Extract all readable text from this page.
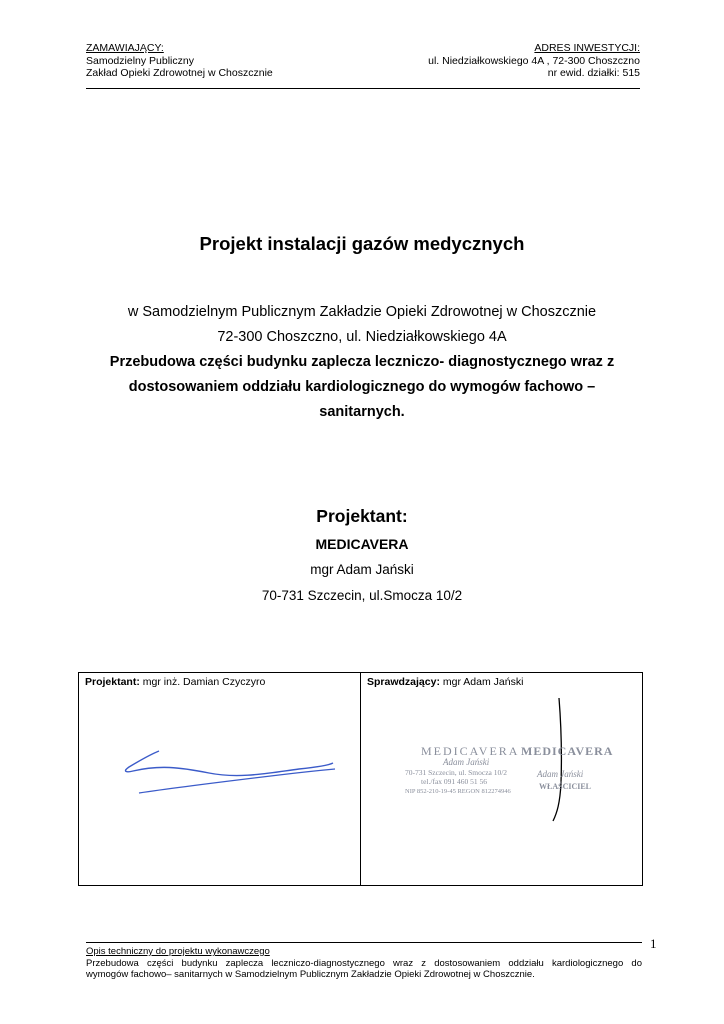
ZAMAWIAJĄCY:
Samodzielny Publiczny
Zakład Opieki Zdrowotnej w Choszcznie
ADRES INWESTYCJI:
ul. Niedziałkowskiego 4A , 72-300 Choszczno
nr ewid. działki: 515
Projekt instalacji gazów medycznych
w Samodzielnym Publicznym Zakładzie Opieki Zdrowotnej w Choszcznie
72-300 Choszczno, ul. Niedziałkowskiego 4A
Przebudowa części budynku zaplecza leczniczo- diagnostycznego wraz z
dostosowaniem oddziału kardiologicznego do wymogów fachowo –
sanitarnych.
Projektant:
MEDICAVERA
mgr Adam Jański
70-731 Szczecin, ul.Smocza 10/2
Projektant: mgr inż. Damian Czyczyro	Sprawdzający: mgr Adam Jański
MEDICAVERA
Adam Jański
70-731 Szczecin, ul. Smocza 10/2
tel./fax 091 460 51 56
NIP 852-210-19-45 REGON 812274946
MEDICAVERA
Adam Jański
WŁAŚCICIEL
1
Opis techniczny do projektu wykonawczego
Przebudowa części budynku zaplecza leczniczo-diagnostycznego wraz z dostosowaniem oddziału kardiologicznego do
wymogów fachowo– sanitarnych w Samodzielnym Publicznym Zakładzie Opieki Zdrowotnej w Choszcznie.
